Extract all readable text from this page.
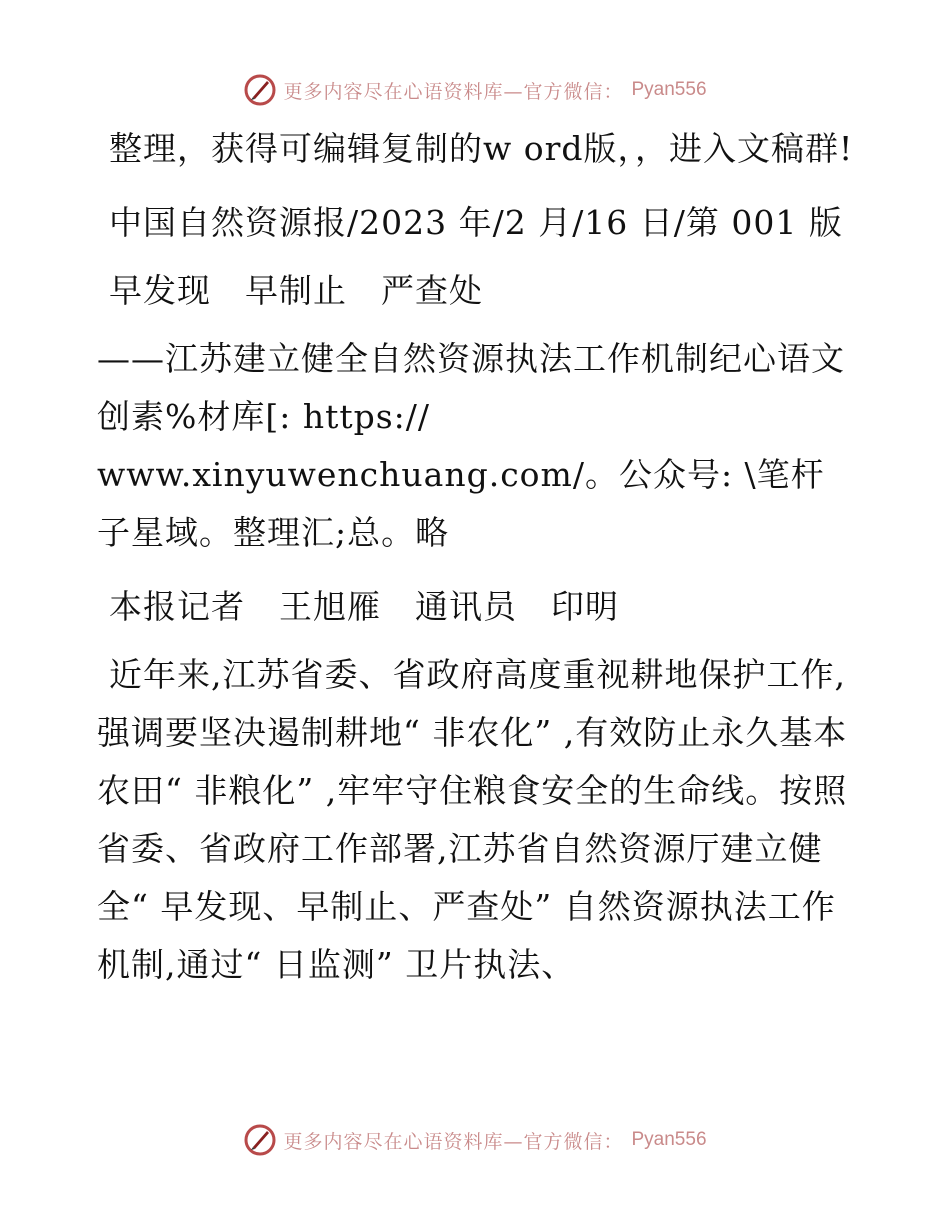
更多内容尽在心语资料库—官方微信： Pyan556

整理，获得可编辑复制的w ord版，，进入文稿群!

中国自然资源报/2023 年/2 月/16 日/第 001 版

早发现　早制止　严查处

——江苏建立健全自然资源执法工作机制纪心语文创素%材库[: https://
www.xinyuwenchuang.com/。公众号: \笔杆子星域。整理汇;总。略

本报记者　王旭雁　通讯员　印明

近年来,江苏省委、省政府高度重视耕地保护工作,强调要坚决遏制耕地“ 非农化” ,有效防止永久基本农田“ 非粮化” ,牢牢守住粮食安全的生命线。按照省委、省政府工作部署,江苏省自然资源厅建立健全“ 早发现、早制止、严查处” 自然资源执法工作机制,通过“ 日监测” 卫片执法、

更多内容尽在心语资料库—官方微信： Pyan556
